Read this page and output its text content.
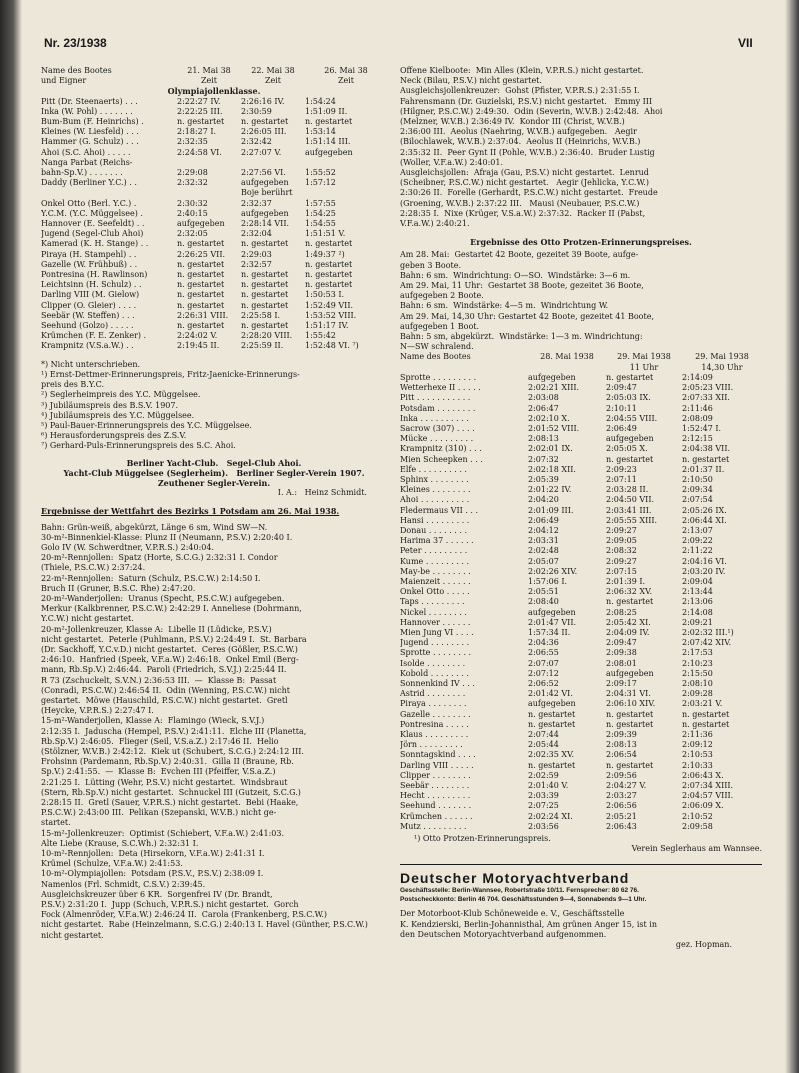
Nr. 23/1938	VII
Name des Bootes	21. Mai 38	22. Mai 38	26. Mai 38
und Eigner	Zeit	Zeit	Zeit
Olympiajollenklasse.
Pitt (Dr. Steenaerts) . . .	2:22:27 IV.	2:26:16 IV.	1:54:24
Inka (W. Pohl) . . . . . . .	2:22:25 III.	2:30:59	1:51:09 II.
Bum-Bum (F. Heinrichs) .	n. gestartet	n. gestartet	n. gestartet
Kleines (W. Liesfeld) . . .	2:18:27 I.	2:26:05 III.	1:53:14
Hammer (G. Schulz) . . .	2:32:35	2:32:42	1:51:14 III.
Ahoi (S.C. Ahoi) . . . . .	2:24:58 VI.	2:27:07 V.	aufgegeben
Nanga Parbat (Reichs-			
bahn-Sp.V.) . . . . . . .	2:29:08	2:27:56 VI.	1:55:52
Daddy (Berliner Y.C.) . .	2:32:32	aufgegeben	1:57:12
		Boje berührt	
Onkel Otto (Berl. Y.C.) .	2:30:32	2:32:37	1:57:55
Y.C.M. (Y.C. Müggelsee) .	2:40:15	aufgegeben	1:54:25
Hannover (E. Seefeldt) . .	aufgegeben	2:28:14 VII.	1:54:55
Jugend (Segel-Club Ahoi)	2:32:05	2:32:04	1:51:51 V.
Kamerad (K. H. Stange) . .	n. gestartet	n. gestartet	n. gestartet
Piraya (H. Stampehl) . .	2:26:25 VII.	2:29:03	1:49:37 ²)
Gazelle (W. Frühbuß) . .	n. gestartet	2:32:57	n. gestartet
Pontresina (H. Rawlinson)	n. gestartet	n. gestartet	n. gestartet
Leichtsinn (H. Schulz) . .	n. gestartet	n. gestartet	n. gestartet
Darling VIII (M. Gielow)	n. gestartet	n. gestartet	1:50:53 I.
Clipper (O. Gleier) . . . .	n. gestartet	n. gestartet	1:52:49 VII.
Seebär (W. Steffen) . . .	2:26:31 VIII.	2:25:58 I.	1:53:52 VIII.
Seehund (Golzo) . . . . .	n. gestartet	n. gestartet	1:51:17 IV.
Krümchen (F. E. Zenker) .	2:24:02 V.	2:28:20 VIII.	1:55:42
Krampnitz (V.S.a.W.) . .	2:19:45 II.	2:25:59 II.	1:52:48 VI. ⁷)
*) Nicht unterschrieben.
¹) Ernst-Dettmer-Erinnerungspreis, Fritz-Jaenicke-Erinnerungs-
preis des B.Y.C.
²) Seglerheimpreis des Y.C. Müggelsee.
³) Jubiläumspreis des B.S.V. 1907.
⁴) Jubiläumspreis des Y.C. Müggelsee.
⁵) Paul-Bauer-Erinnerungspreis des Y.C. Müggelsee.
⁶) Herausforderungspreis des Z.S.V.
⁷) Gerhard-Puls-Erinnerungspreis des S.C. Ahoi.
Berliner Yacht-Club.   Segel-Club Ahoi.
Yacht-Club Müggelsee (Seglerheim).   Berliner Segler-Verein 1907.
Zeuthener Segler-Verein.
I. A.:   Heinz Schmidt.
Ergebnisse der Wettfahrt des Bezirks 1 Potsdam am 26. Mai 1938.
Bahn: Grün-weiß, abgekürzt, Länge 6 sm, Wind SW—N.
30-m²-Binnenkiel-Klasse: Plunz II (Neumann, P.S.V.) 2:20:40 I.
Golo IV (W. Schwerdtner, V.P.R.S.) 2:40:04.
20-m²-Rennjollen:  Spatz (Horte, S.C.G.) 2:32:31 I. Condor
(Thiele, P.S.C.W.) 2:37:24.
22-m²-Rennjollen:  Saturn (Schulz, P.S.C.W.) 2:14:50 I.
Bruch II (Gruner, B.S.C. Rhe) 2:47:20.
20-m²-Wanderjollen:  Uranus (Specht, P.S.C.W.) aufgegeben.
Merkur (Kalkbrenner, P.S.C.W.) 2:42:29 I. Anneliese (Dohrmann,
Y.C.W.) nicht gestartet.
20-m²-Jollenkreuzer, Klasse A:  Libelle II (Lüdicke, P.S.V.)
nicht gestartet.  Peterle (Puhlmann, P.S.V.) 2:24:49 I.  St. Barbara
(Dr. Sackhoff, Y.C.v.D.) nicht gestartet.  Ceres (Gößler, P.S.C.W.)
2:46:10.  Hanfried (Speek, V.F.a.W.) 2:46:18.  Onkel Emil (Berg-
mann, Rb.Sp.V.) 2:46:44.  Paroli (Friedrich, S.V.J.) 2:25:44 II.
R 73 (Zschuckelt, S.V.N.) 2:36:53 III.  —  Klasse B:  Passat
(Conradi, P.S.C.W.) 2:46:54 II.  Odin (Wenning, P.S.C.W.) nicht
gestartet.  Möwe (Hauschild, P.S.C.W.) nicht gestartet.  Gretl
(Heycke, V.P.R.S.) 2:27:47 I.
15-m²-Wanderjollen, Klasse A:  Flamingo (Wieck, S.V.J.)
2:12:35 I.  Jaduscha (Hempel, P.S.V.) 2:41:11.  Elche III (Planetta,
Rb.Sp.V.) 2:46:05.  Flieger (Seil, V.S.a.Z.) 2:17:46 II.  Helio
(Stölzner, W.V.B.) 2:42:12.  Kiek ut (Schubert, S.C.G.) 2:24:12 III.
Frohsinn (Pardemann, Rb.Sp.V.) 2:40:31.  Gilla II (Braune, Rb.
Sp.V.) 2:41:55.  —  Klasse B:  Evchen III (Pfeiffer, V.S.a.Z.)
2:21:25 I.  Lütting (Wehr, P.S.V.) nicht gestartet.  Windsbraut
(Stern, Rb.Sp.V.) nicht gestartet.  Schnuckel III (Gutzeit, S.C.G.)
2:28:15 II.  Gretl (Sauer, V.P.R.S.) nicht gestartet.  Bebi (Haake,
P.S.C.W.) 2:43:00 III.  Pelikan (Szepanski, W.V.B.) nicht ge-
startet.
15-m²-Jollenkreuzer:  Optimist (Schiebert, V.F.a.W.) 2:41:03.
Alte Liebe (Krause, S.C.Wh.) 2:32:31 I.
10-m²-Rennjollen:  Deta (Hirsekorn, V.F.a.W.) 2:41:31 I.
Krümel (Schulze, V.F.a.W.) 2:41:53.
10-m²-Olympiajollen:  Potsdam (P.S.V., P.S.V.) 2:38:09 I.
Namenlos (Frl. Schmidt, C.S.V.) 2:39:45.
Ausgleichskreuzer über 6 KR.  Sorgenfrei IV (Dr. Brandt,
P.S.V.) 2:31:20 I.  Jupp (Schuch, V.P.R.S.) nicht gestartet.  Gorch
Fock (Almenröder, V.F.a.W.) 2:46:24 II.  Carola (Frankenberg, P.S.C.W.)
nicht gestartet.  Rabe (Heinzelmann, S.C.G.) 2:40:13 I. Havel (Günther, P.S.C.W.)
nicht gestartet.
Offene Kielboote:  Min Alles (Klein, V.P.R.S.) nicht gestartet.
Neck (Bilau, P.S.V.) nicht gestartet.
Ausgleichsjollenkreuzer:  Gohst (Pfister, V.P.R.S.) 2:31:55 I.
Fahrensmann (Dr. Guzielski, P.S.V.) nicht gestartet.   Emmy III
(Hilgner, P.S.C.W.) 2:49:30.  Odin (Severin, W.V.B.) 2:42:48.  Ahoi
(Melzner, W.V.B.) 2:36:49 IV.  Kondor III (Christ, W.V.B.)
2:36:00 III.  Aeolus (Naehring, W.V.B.) aufgegeben.   Aegir
(Bilochlawek, W.V.B.) 2:37:04.  Aeolus II (Heinrichs, W.V.B.)
2:35:32 II.  Peer Gynt II (Pohle, W.V.B.) 2:36:40.  Bruder Lustig
(Woller, V.F.a.W.) 2:40:01.
Ausgleichsjollen:  Afraja (Gau, P.S.V.) nicht gestartet.  Lenrud
(Scheibner, P.S.C.W.) nicht gestartet.   Aegir (Jehlicka, Y.C.W.)
2:30:26 II.  Forelle (Gerhardt, P.S.C.W.) nicht gestartet.  Freude
(Groening, W.V.B.) 2:37:22 III.   Mausi (Neubauer, P.S.C.W.)
2:28:35 I.  Nixe (Krüger, V.S.a.W.) 2:37:32.  Racker II (Pabst,
V.F.a.W.) 2:40:21.
Ergebnisse des Otto Protzen-Erinnerungspreises.
Am 28. Mai:  Gestartet 42 Boote, gezeitet 39 Boote, aufge-
geben 3 Boote.
Bahn: 6 sm.  Windrichtung: O—SO.  Windstärke: 3—6 m.
Am 29. Mai, 11 Uhr:  Gestartet 38 Boote, gezeitet 36 Boote,
aufgegeben 2 Boote.
Bahn: 6 sm.  Windstärke: 4—5 m.  Windrichtung W.
Am 29. Mai, 14,30 Uhr: Gestartet 42 Boote, gezeitet 41 Boote,
aufgegeben 1 Boot.
Bahn: 5 sm, abgekürzt.  Windstärke: 1—3 m. Windrichtung:
N—SW schralend.
Name des Bootes	28. Mai 1938	29. Mai 1938	29. Mai 1938
		11 Uhr	14,30 Uhr
Sprotte . . . . . . . . .	aufgegeben	n. gestartet	2:14:09
Wetterhexe II . . . . .	2:02:21 XIII.	2:09:47	2:05:23 VIII.
Pitt . . . . . . . . . . .	2:03:08	2:05:03 IX.	2:07:33 XII.
Potsdam . . . . . . . .	2:06:47	2:10:11	2:11:46
Inka . . . . . . . . . .	2:02:10 X.	2:04:55 VIII.	2:08:09
Sacrow (307) . . . .	2:01:52 VIII.	2:06:49	1:52:47 I.
Mücke . . . . . . . . .	2:08:13	aufgegeben	2:12:15
Krampnitz (310) . . .	2:02:01 IX.	2:05:05 X.	2:04:38 VII.
Mien Scheepken . . .	2:07:32	n. gestartet	n. gestartet
Elfe . . . . . . . . . .	2:02:18 XII.	2:09:23	2:01:37 II.
Sphinx . . . . . . . .	2:05:39	2:07:11	2:10:50
Kleines . . . . . . . .	2:01:22 IV.	2:03:28 II.	2:09:34
Ahoi . . . . . . . . . .	2:04:20	2:04:50 VII.	2:07:54
Fledermaus VII . . .	2:01:09 III.	2:03:41 III.	2:05:26 IX.
Hansi . . . . . . . . .	2:06:49	2:05:55 XIII.	2:06:44 XI.
Donau . . . . . . . .	2:04:12	2:09:27	2:13:07
Harima 37 . . . . . .	2:03:31	2:09:05	2:09:22
Peter . . . . . . . . .	2:02:48	2:08:32	2:11:22
Kume . . . . . . . . .	2:05:07	2:09:27	2:04:16 VI.
May-be . . . . . . . .	2:02:26 XIV.	2:07:15	2:03:20 IV.
Maienzeit . . . . . .	1:57:06 I.	2:01:39 I.	2:09:04
Onkel Otto . . . . .	2:05:51	2:06:32 XV.	2:13:44
Taps . . . . . . . . .	2:08:40	n. gestartet	2:13:06
Nickel . . . . . . . .	aufgegeben	2:08:25	2:14:08
Hannover . . . . . .	2:01:47 VII.	2:05:42 XI.	2:09:21
Mien Jung VI . . . .	1:57:34 II.	2:04:09 IV.	2:02:32 III.¹)
Jugend . . . . . . . .	2:04:36	2:09:47	2:07:42 XIV.
Sprotte . . . . . . . .	2:06:55	2:09:38	2:17:53
Isolde . . . . . . . .	2:07:07	2:08:01	2:10:23
Kobold . . . . . . . .	2:07:12	aufgegeben	2:15:50
Sonnenkind IV . . .	2:06:52	2:09:17	2:08:10
Astrid . . . . . . . .	2:01:42 VI.	2:04:31 VI.	2:09:28
Piraya . . . . . . . .	aufgegeben	2:06:10 XIV.	2:03:21 V.
Gazelle . . . . . . . .	n. gestartet	n. gestartet	n. gestartet
Pontresina . . . . .	n. gestartet	n. gestartet	n. gestartet
Klaus . . . . . . . . .	2:07:44	2:09:39	2:11:36
Jörn . . . . . . . . .	2:05:44	2:08:13	2:09:12
Sonntagskind . . . .	2:02:35 XV.	2:06:54	2:10:53
Darling VIII . . . . .	n. gestartet	n. gestartet	2:10:33
Clipper . . . . . . . .	2:02:59	2:09:56	2:06:43 X.
Seebär . . . . . . . .	2:01:40 V.	2:04:27 V.	2:07:34 XIII.
Hecht . . . . . . . . .	2:03:39	2:03:27	2:04:57 VIII.
Seehund . . . . . . .	2:07:25	2:06:56	2:06:09 X.
Krümchen . . . . . .	2:02:24 XI.	2:05:21	2:10:52
Mutz . . . . . . . . .	2:03:56	2:06:43	2:09:58
¹) Otto Protzen-Erinnerungspreis.
Verein Seglerhaus am Wannsee.
Deutscher Motoryachtverband
Geschäftsstelle: Berlin-Wannsee, Robertstraße 10/11. Fernsprecher: 80 62 76.
Postscheckkonto: Berlin 46 704. Geschäftsstunden 9—4, Sonnabends 9—1 Uhr.
Der Motorboot-Klub Schöneweide e. V., Geschäftsstelle
K. Kendzierski, Berlin-Johannisthal, Am grünen Anger 15, ist in
den Deutschen Motoryachtverband aufgenommen.
gez. Hopman.
